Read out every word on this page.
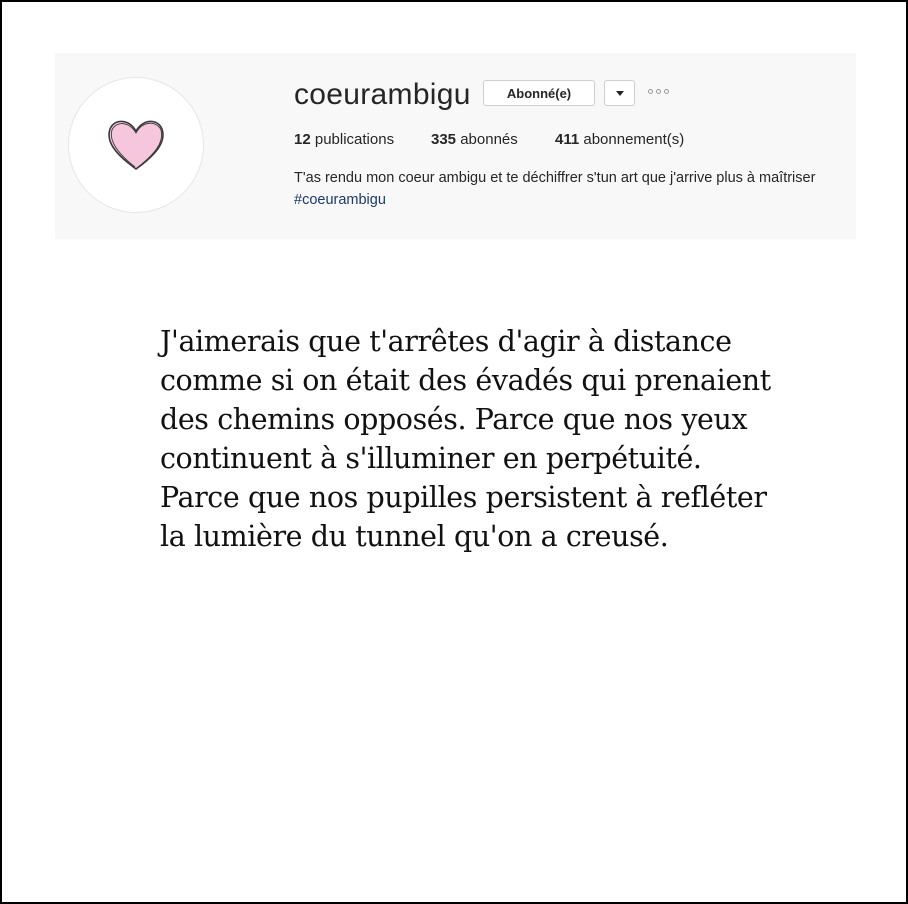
coeurambigu	Abonné(e)
12 publications	335 abonnés	411 abonnement(s)
T'as rendu mon coeur ambigu et te déchiffrer s'tun art que j'arrive plus à maîtriser
#coeurambigu
J'aimerais que t'arrêtes d'agir à distance
comme si on était des évadés qui prenaient
des chemins opposés. Parce que nos yeux
continuent à s'illuminer en perpétuité.
Parce que nos pupilles persistent à refléter
la lumière du tunnel qu'on a creusé.
